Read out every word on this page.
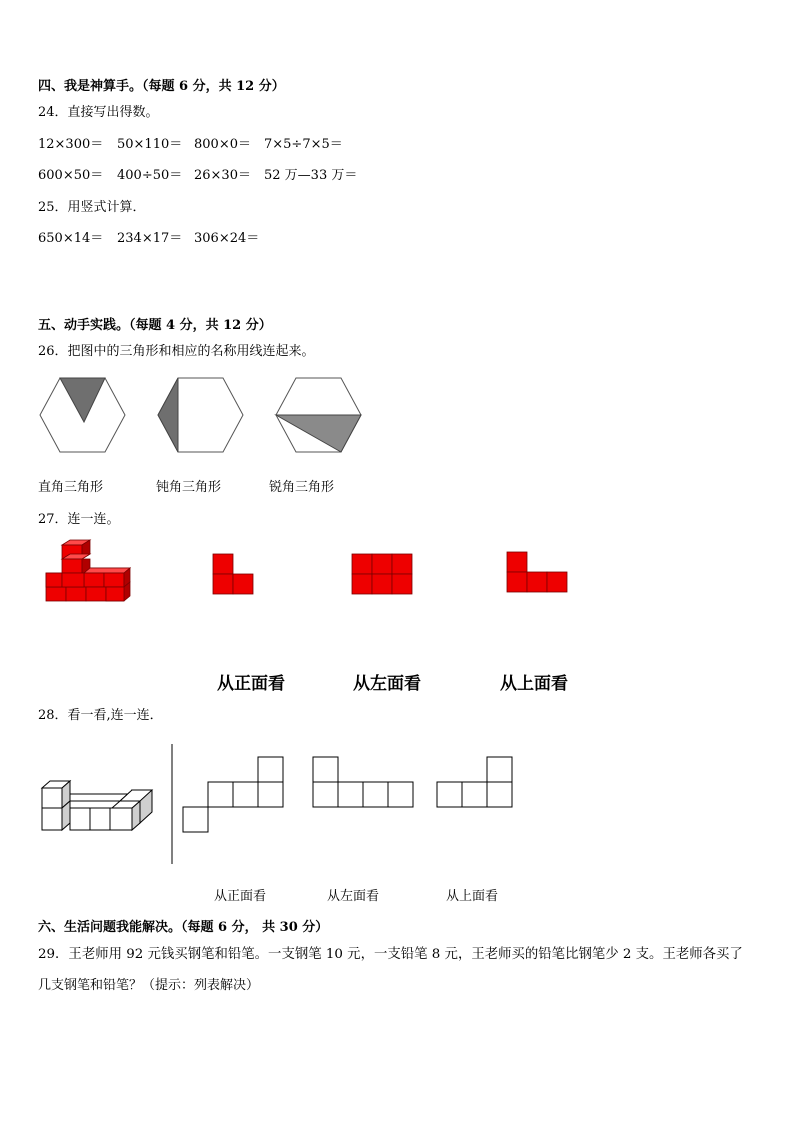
四、我是神算手。（每题 6 分，共 12 分）
24．直接写出得数。
12×300＝ 50×110＝ 800×0＝ 7×5÷7×5＝
600×50＝ 400÷50＝ 26×30＝ 52 万—33 万＝
25．用竖式计算．
650×14＝ 234×17＝ 306×24＝
五、动手实践。（每题 4 分，共 12 分）
26．把图中的三角形和相应的名称用线连起来。
直角三角形	钝角三角形	锐角三角形
27．连一连。
从正面看	从左面看	从上面看
28．看一看,连一连．
从正面看	从左面看	从上面看
六、生活问题我能解决。（每题 6 分， 共 30 分）
29．王老师用 92 元钱买钢笔和铅笔。一支钢笔 10 元，一支铅笔 8 元，王老师买的铅笔比钢笔少 2 支。王老师各买了
几支钢笔和铅笔？（提示：列表解决）
